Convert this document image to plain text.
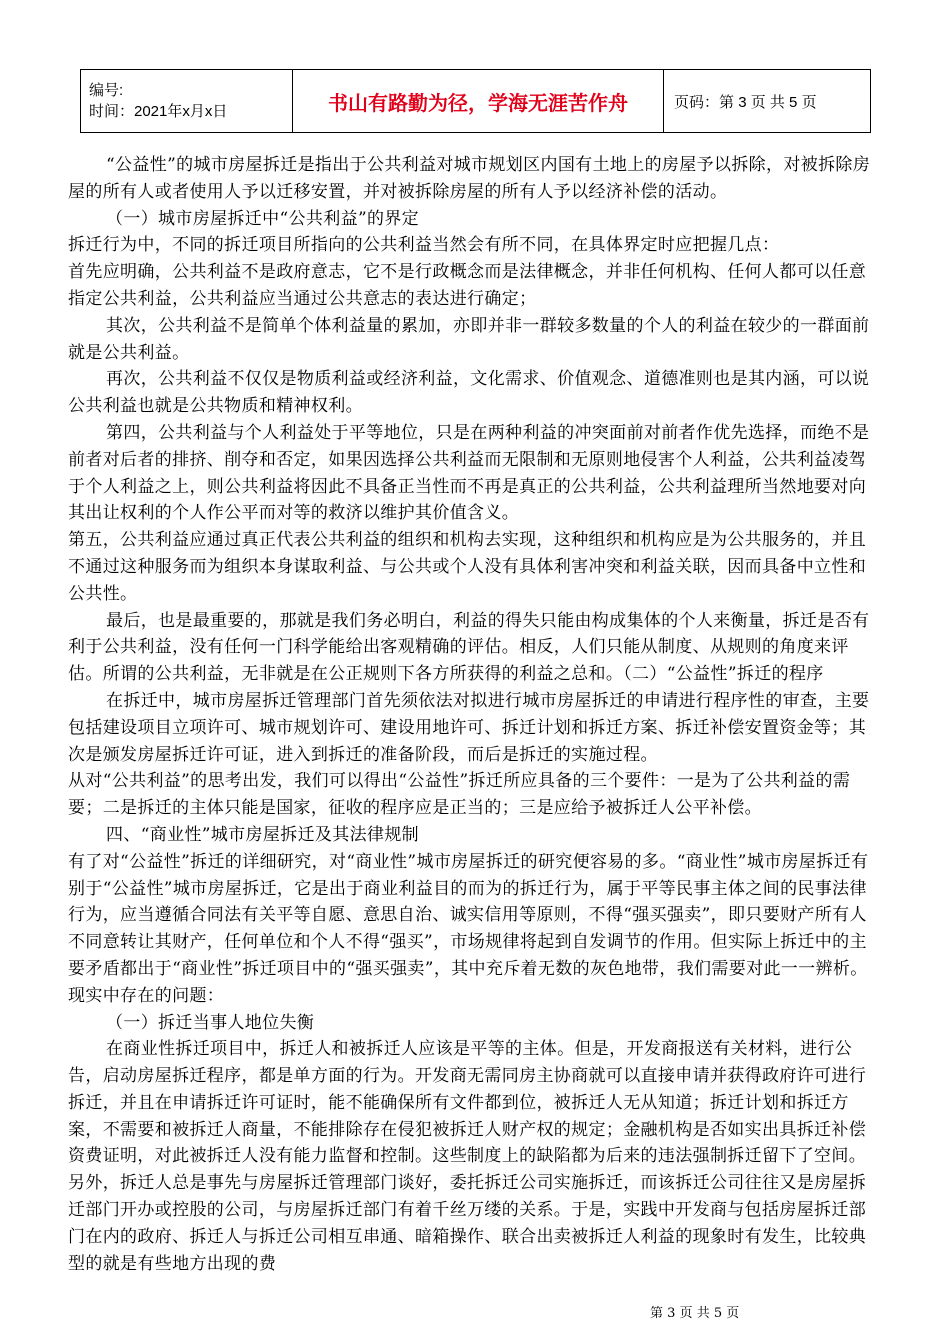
编号:
时间：2021年x月x日	书山有路勤为径，学海无涯苦作舟	页码：第 3 页 共 5 页

“公益性”的城市房屋拆迁是指出于公共利益对城市规划区内国有土地上的房屋予以拆除，对被拆除房屋的所有人或者使用人予以迁移安置，并对被拆除房屋的所有人予以经济补偿的活动。

（一）城市房屋拆迁中“公共利益”的界定

拆迁行为中，不同的拆迁项目所指向的公共利益当然会有所不同，在具体界定时应把握几点：

首先应明确，公共利益不是政府意志，它不是行政概念而是法律概念，并非任何机构、任何人都可以任意指定公共利益，公共利益应当通过公共意志的表达进行确定；

其次，公共利益不是简单个体利益量的累加，亦即并非一群较多数量的个人的利益在较少的一群面前就是公共利益。

再次，公共利益不仅仅是物质利益或经济利益，文化需求、价值观念、道德准则也是其内涵，可以说公共利益也就是公共物质和精神权利。

第四，公共利益与个人利益处于平等地位，只是在两种利益的冲突面前对前者作优先选择，而绝不是前者对后者的排挤、削夺和否定，如果因选择公共利益而无限制和无原则地侵害个人利益，公共利益凌驾于个人利益之上，则公共利益将因此不具备正当性而不再是真正的公共利益，公共利益理所当然地要对向其出让权利的个人作公平而对等的救济以维护其价值含义。

第五，公共利益应通过真正代表公共利益的组织和机构去实现，这种组织和机构应是为公共服务的，并且不通过这种服务而为组织本身谋取利益、与公共或个人没有具体利害冲突和利益关联，因而具备中立性和公共性。

最后，也是最重要的，那就是我们务必明白，利益的得失只能由构成集体的个人来衡量，拆迁是否有利于公共利益，没有任何一门科学能给出客观精确的评估。相反，人们只能从制度、从规则的角度来评估。所谓的公共利益，无非就是在公正规则下各方所获得的利益之总和。（二）“公益性”拆迁的程序

在拆迁中，城市房屋拆迁管理部门首先须依法对拟进行城市房屋拆迁的申请进行程序性的审查，主要包括建设项目立项许可、城市规划许可、建设用地许可、拆迁计划和拆迁方案、拆迁补偿安置资金等；其次是颁发房屋拆迁许可证，进入到拆迁的准备阶段，而后是拆迁的实施过程。

从对“公共利益”的思考出发，我们可以得出“公益性”拆迁所应具备的三个要件：一是为了公共利益的需要；二是拆迁的主体只能是国家，征收的程序应是正当的；三是应给予被拆迁人公平补偿。

四、“商业性”城市房屋拆迁及其法律规制

有了对“公益性”拆迁的详细研究，对“商业性”城市房屋拆迁的研究便容易的多。“商业性”城市房屋拆迁有别于“公益性”城市房屋拆迁，它是出于商业利益目的而为的拆迁行为，属于平等民事主体之间的民事法律行为，应当遵循合同法有关平等自愿、意思自治、诚实信用等原则，不得“强买强卖”，即只要财产所有人不同意转让其财产，任何单位和个人不得“强买”，市场规律将起到自发调节的作用。但实际上拆迁中的主要矛盾都出于“商业性”拆迁项目中的“强买强卖”，其中充斥着无数的灰色地带，我们需要对此一一辨析。现实中存在的问题：

（一）拆迁当事人地位失衡

在商业性拆迁项目中，拆迁人和被拆迁人应该是平等的主体。但是，开发商报送有关材料，进行公告，启动房屋拆迁程序，都是单方面的行为。开发商无需同房主协商就可以直接申请并获得政府许可进行拆迁，并且在申请拆迁许可证时，能不能确保所有文件都到位，被拆迁人无从知道；拆迁计划和拆迁方案，不需要和被拆迁人商量，不能排除存在侵犯被拆迁人财产权的规定；金融机构是否如实出具拆迁补偿资费证明，对此被拆迁人没有能力监督和控制。这些制度上的缺陷都为后来的违法强制拆迁留下了空间。另外，拆迁人总是事先与房屋拆迁管理部门谈好，委托拆迁公司实施拆迁，而该拆迁公司往往又是房屋拆迁部门开办或控股的公司，与房屋拆迁部门有着千丝万缕的关系。于是，实践中开发商与包括房屋拆迁部门在内的政府、拆迁人与拆迁公司相互串通、暗箱操作、联合出卖被拆迁人利益的现象时有发生，比较典型的就是有些地方出现的费

第 3 页 共 5 页
